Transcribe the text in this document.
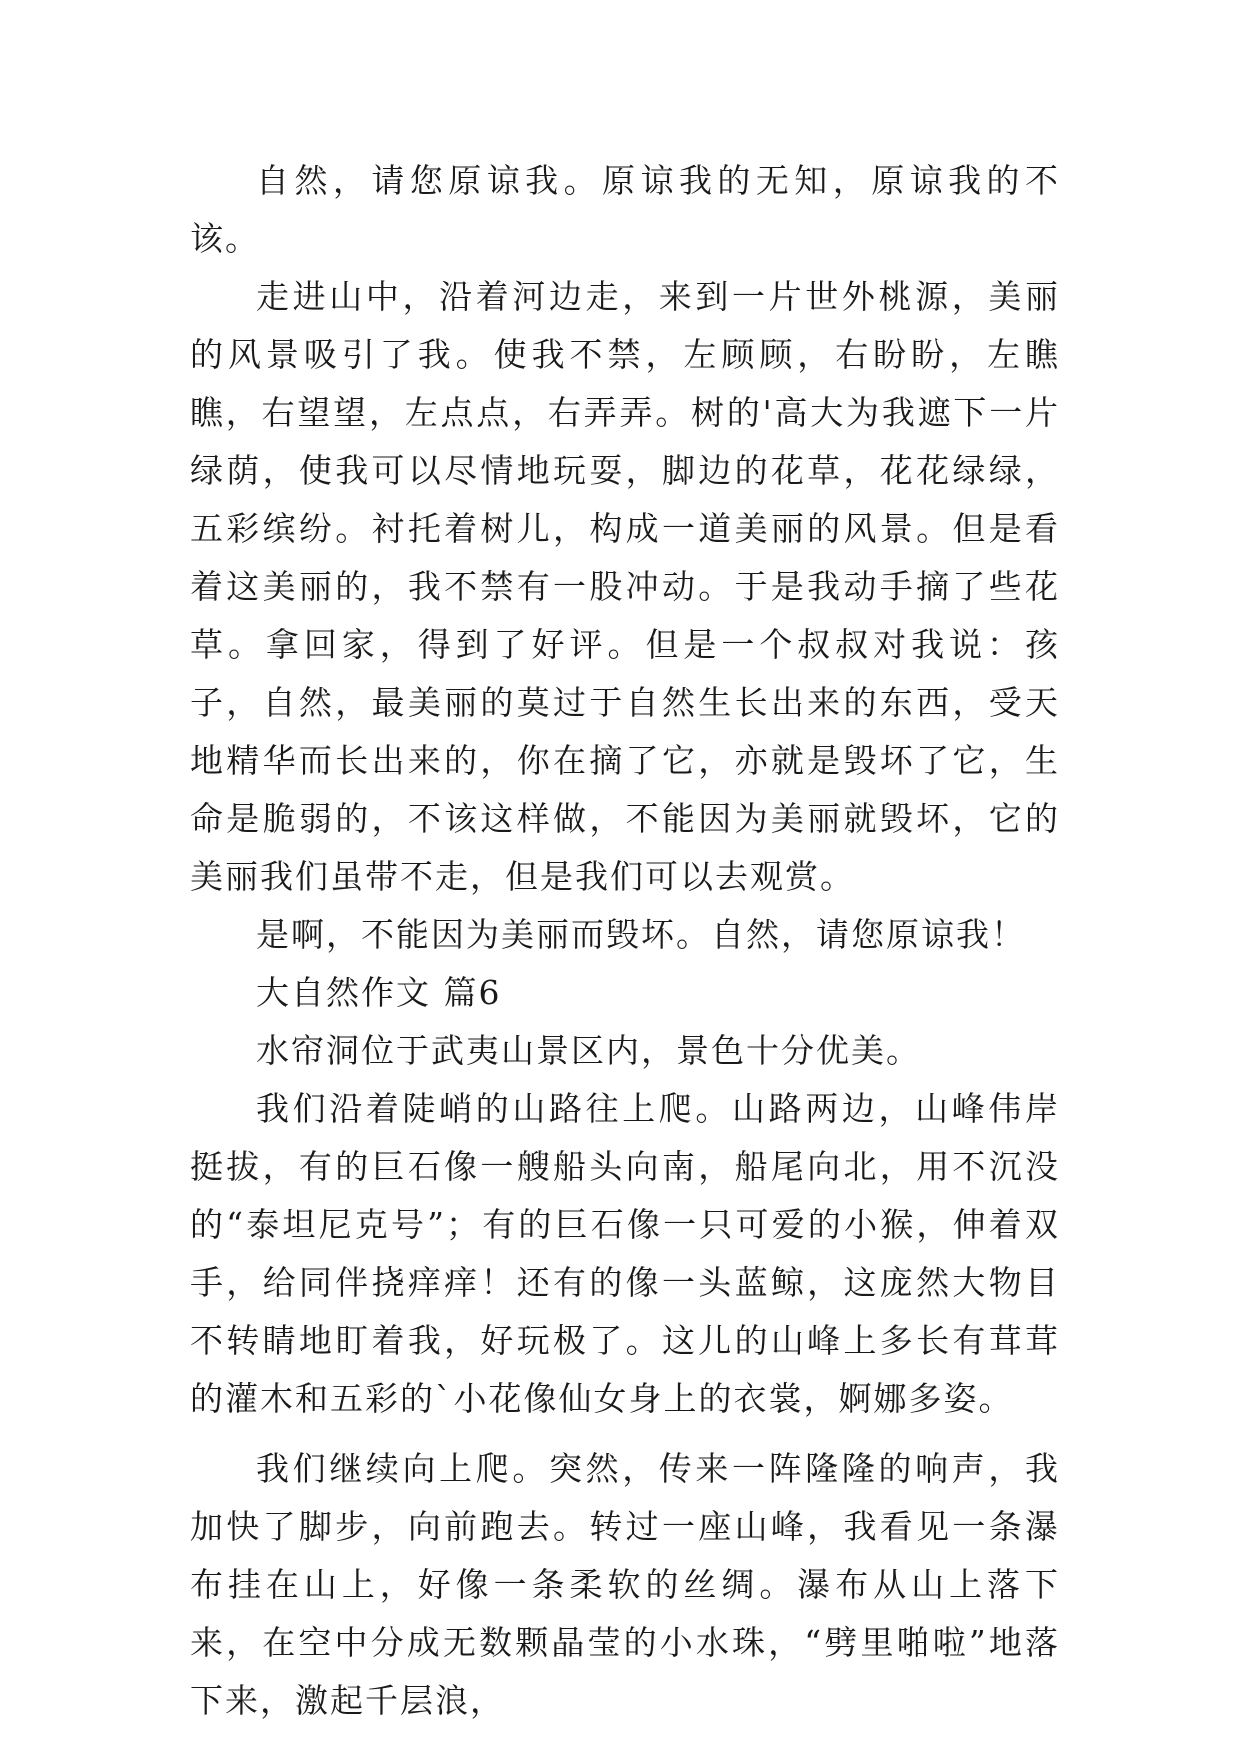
自然，请您原谅我。原谅我的无知，原谅我的不该。

走进山中，沿着河边走，来到一片世外桃源，美丽的风景吸引了我。使我不禁，左顾顾，右盼盼，左瞧瞧，右望望，左点点，右弄弄。树的'高大为我遮下一片绿荫，使我可以尽情地玩耍，脚边的花草，花花绿绿，五彩缤纷。衬托着树儿，构成一道美丽的风景。但是看着这美丽的，我不禁有一股冲动。于是我动手摘了些花草。拿回家，得到了好评。但是一个叔叔对我说：孩子，自然，最美丽的莫过于自然生长出来的东西，受天地精华而长出来的，你在摘了它，亦就是毁坏了它，生命是脆弱的，不该这样做，不能因为美丽就毁坏，它的美丽我们虽带不走，但是我们可以去观赏。

是啊，不能因为美丽而毁坏。自然，请您原谅我！

大自然作文 篇6

水帘洞位于武夷山景区内，景色十分优美。

我们沿着陡峭的山路往上爬。山路两边，山峰伟岸挺拔，有的巨石像一艘船头向南，船尾向北，用不沉没的“泰坦尼克号”；有的巨石像一只可爱的小猴，伸着双手，给同伴挠痒痒！还有的像一头蓝鲸，这庞然大物目不转睛地盯着我，好玩极了。这儿的山峰上多长有茸茸的灌木和五彩的`小花像仙女身上的衣裳，婀娜多姿。

我们继续向上爬。突然，传来一阵隆隆的响声，我加快了脚步，向前跑去。转过一座山峰，我看见一条瀑布挂在山上，好像一条柔软的丝绸。瀑布从山上落下来，在空中分成无数颗晶莹的小水珠，“劈里啪啦”地落下来，激起千层浪，
